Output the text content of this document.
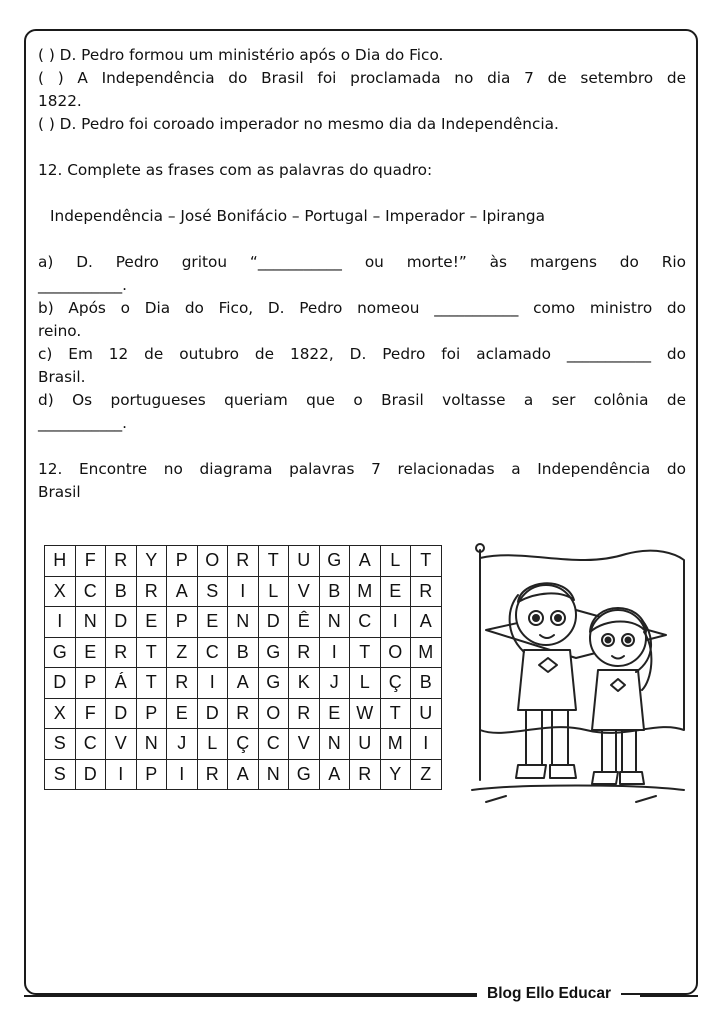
( ) D. Pedro formou um ministério após o Dia do Fico.
( ) A Independência do Brasil foi proclamada no dia 7 de setembro de
1822.
( ) D. Pedro foi coroado imperador no mesmo dia da Independência.
12. Complete as frases com as palavras do quadro:
Independência – José Bonifácio – Portugal – Imperador – Ipiranga
a) D. Pedro gritou “___________ ou morte!” às margens do Rio
___________.
b) Após o Dia do Fico, D. Pedro nomeou ___________ como ministro do
reino.
c) Em 12 de outubro de 1822, D. Pedro foi aclamado ___________ do
Brasil.
d) Os portugueses queriam que o Brasil voltasse a ser colônia de
___________.
12. Encontre no diagrama palavras 7 relacionadas a Independência do
Brasil
H	F	R	Y	P	O	R	T	U	G	A	L	T
X	C	B	R	A	S	I	L	V	B	M	E	R
I	N	D	E	P	E	N	D	Ê	N	C	I	A
G	E	R	T	Z	C	B	G	R	I	T	O	M
D	P	Á	T	R	I	A	G	K	J	L	Ç	B
X	F	D	P	E	D	R	O	R	E	W	T	U
S	C	V	N	J	L	Ç	C	V	N	U	M	I
S	D	I	P	I	R	A	N	G	A	R	Y	Z
Blog Ello Educar
